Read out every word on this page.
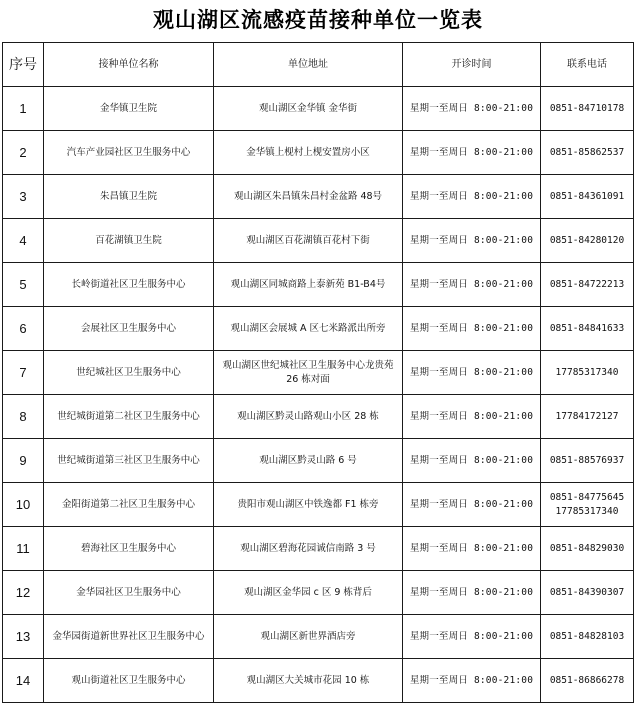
观山湖区流感疫苗接种单位一览表
序号	接种单位名称	单位地址	开诊时间	联系电话
1	金华镇卫生院	观山湖区金华镇 金华街	星期一至周日 8:00-21:00	0851-84710178

2	汽车产业园社区卫生服务中心	金华镇上枧村上枧安置房小区	星期一至周日 8:00-21:00	0851-85862537

3	朱昌镇卫生院	观山湖区朱昌镇朱昌村金盆路 48号	星期一至周日 8:00-21:00	0851-84361091

4	百花湖镇卫生院	观山湖区百花湖镇百花村下街	星期一至周日 8:00-21:00	0851-84280120

5	长岭街道社区卫生服务中心	观山湖区同城商路上泰新苑 B1-B4号	星期一至周日 8:00-21:00	0851-84722213

6	会展社区卫生服务中心	观山湖区会展城 A 区七米路派出所旁	星期一至周日 8:00-21:00	0851-84841633

7	世纪城社区卫生服务中心	观山湖区世纪城社区卫生服务中心龙贵苑 26 栋对面	星期一至周日 8:00-21:00	17785317340

8	世纪城街道第二社区卫生服务中心	观山湖区黔灵山路观山小区 28 栋	星期一至周日 8:00-21:00	17784172127

9	世纪城街道第三社区卫生服务中心	观山湖区黔灵山路 6 号	星期一至周日 8:00-21:00	0851-88576937

10	金阳街道第二社区卫生服务中心	贵阳市观山湖区中铁逸都 F1 栋旁	星期一至周日 8:00-21:00	0851-84775645
17785317340

11	碧海社区卫生服务中心	观山湖区碧海花园诚信南路 3 号	星期一至周日 8:00-21:00	0851-84829030

12	金华园社区卫生服务中心	观山湖区金华园 c 区 9 栋背后	星期一至周日 8:00-21:00	0851-84390307

13	金华园街道新世界社区卫生服务中心	观山湖区新世界酒店旁	星期一至周日 8:00-21:00	0851-84828103

14	观山街道社区卫生服务中心	观山湖区大关城市花园 10 栋	星期一至周日 8:00-21:00	0851-86866278
